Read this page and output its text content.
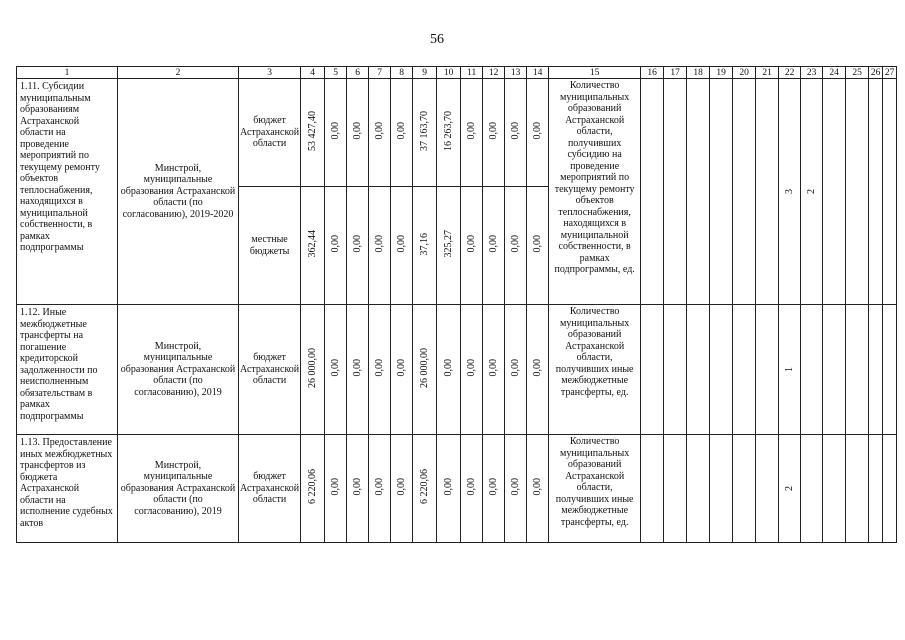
56
1	2	3	4	5	6	7	8	9	10	11	12	13	14	15	16	17	18	19	20	21	22	23	24	25	26	27
1.11. Субсидии муниципальным образованиям Астраханской области на проведение мероприятий по текущему ремонту объектов теплоснабжения, находящихся в муниципальной собственности, в рамках подпрограммы	Минстрой, муниципальные образования Астраханской области (по согласованию), 2019-2020	бюджет Астраханской области	53 427,40	0,00	0,00	0,00	0,00	37 163,70	16 263,70	0,00	0,00	0,00	0,00	Количество муниципальных образований Астраханской области, получивших субсидию на проведение мероприятий по текущему ремонту объектов теплоснабжения, находящихся в муниципальной собственности, в рамках подпрограммы, ед.							3	2				
		местные бюджеты	362,44	0,00	0,00	0,00	0,00	37,16	325,27	0,00	0,00	0,00	0,00													
1.12. Иные межбюджетные трансферты на погашение кредиторской задолженности по неисполненным обязательствам в рамках подпрограммы	Минстрой, муниципальные образования Астраханской области (по согласованию), 2019	бюджет Астраханской области	26 000,00	0,00	0,00	0,00	0,00	26 000,00	0,00	0,00	0,00	0,00	0,00	Количество муниципальных образований Астраханской области, получивших иные межбюджетные трансферты, ед.							1					
1.13. Предоставление иных межбюджетных трансфертов из бюджета Астраханской области на исполнение судебных актов	Минстрой, муниципальные образования Астраханской области (по согласованию), 2019	бюджет Астраханской области	6 220,06	0,00	0,00	0,00	0,00	6 220,06	0,00	0,00	0,00	0,00	0,00	Количество муниципальных образований Астраханской области, получивших иные межбюджетные трансферты, ед.							2					
